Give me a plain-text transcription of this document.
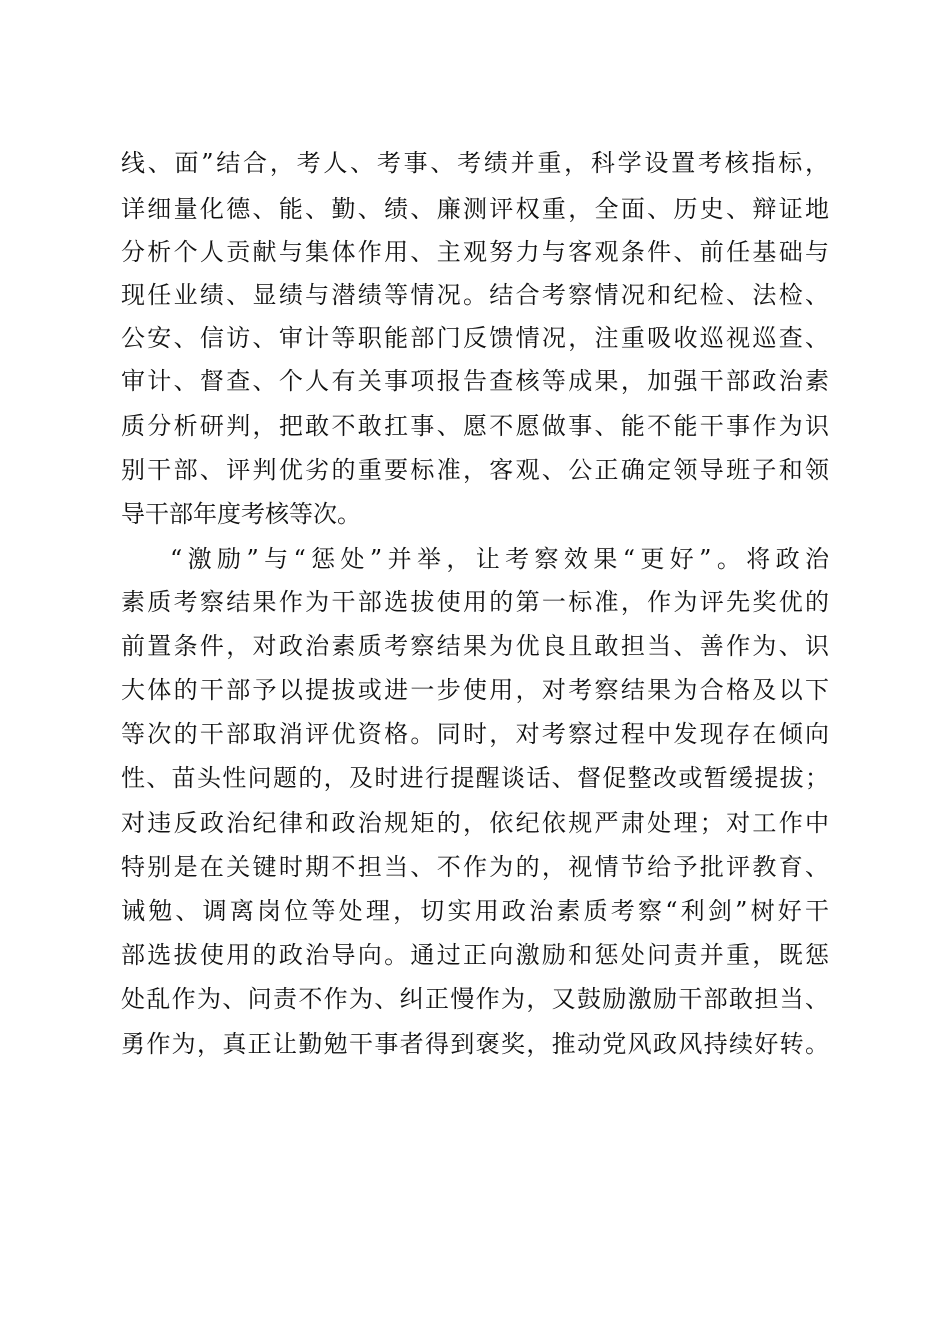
线、面”结合，考人、考事、考绩并重，科学设置考核指标，
详细量化德、能、勤、绩、廉测评权重，全面、历史、辩证地
分析个人贡献与集体作用、主观努力与客观条件、前任基础与
现任业绩、显绩与潜绩等情况。结合考察情况和纪检、法检、
公安、信访、审计等职能部门反馈情况，注重吸收巡视巡查、
审计、督查、个人有关事项报告查核等成果，加强干部政治素
质分析研判，把敢不敢扛事、愿不愿做事、能不能干事作为识
别干部、评判优劣的重要标准，客观、公正确定领导班子和领
导干部年度考核等次。
“激励”与“惩处”并举，让考察效果“更好”。将政治
素质考察结果作为干部选拔使用的第一标准，作为评先奖优的
前置条件，对政治素质考察结果为优良且敢担当、善作为、识
大体的干部予以提拔或进一步使用，对考察结果为合格及以下
等次的干部取消评优资格。同时，对考察过程中发现存在倾向
性、苗头性问题的，及时进行提醒谈话、督促整改或暂缓提拔；
对违反政治纪律和政治规矩的，依纪依规严肃处理；对工作中
特别是在关键时期不担当、不作为的，视情节给予批评教育、
诫勉、调离岗位等处理，切实用政治素质考察“利剑”树好干
部选拔使用的政治导向。通过正向激励和惩处问责并重，既惩
处乱作为、问责不作为、纠正慢作为，又鼓励激励干部敢担当、
勇作为，真正让勤勉干事者得到褒奖，推动党风政风持续好转。
